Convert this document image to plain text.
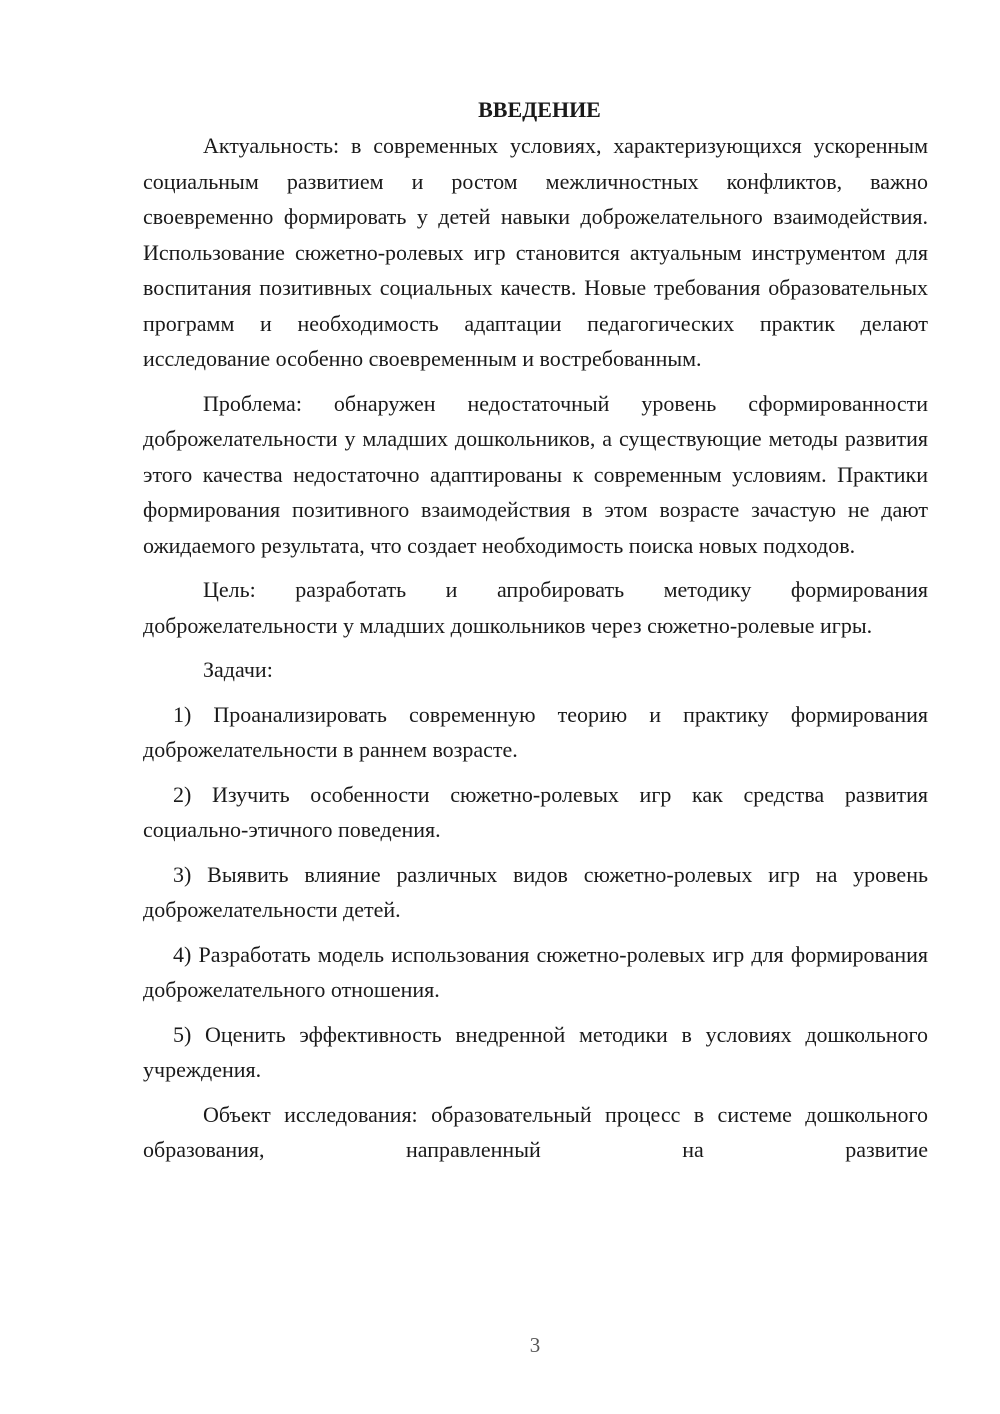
ВВЕДЕНИЕ

Актуальность: в современных условиях, характеризующихся ускоренным социальным развитием и ростом межличностных конфликтов, важно своевременно формировать у детей навыки доброжелательного взаимодействия. Использование сюжетно-ролевых игр становится актуальным инструментом для воспитания позитивных социальных качеств. Новые требования образовательных программ и необходимость адаптации педагогических практик делают исследование особенно своевременным и востребованным.

Проблема: обнаружен недостаточный уровень сформированности доброжелательности у младших дошкольников, а существующие методы развития этого качества недостаточно адаптированы к современным условиям. Практики формирования позитивного взаимодействия в этом возрасте зачастую не дают ожидаемого результата, что создает необходимость поиска новых подходов.

Цель: разработать и апробировать методику формирования доброжелательности у младших дошкольников через сюжетно-ролевые игры.

Задачи:

1) Проанализировать современную теорию и практику формирования доброжелательности в раннем возрасте.

2) Изучить особенности сюжетно-ролевых игр как средства развития социально-этичного поведения.

3) Выявить влияние различных видов сюжетно-ролевых игр на уровень доброжелательности детей.

4) Разработать модель использования сюжетно-ролевых игр для формирования доброжелательного отношения.

5) Оценить эффективность внедренной методики в условиях дошкольного учреждения.

Объект исследования: образовательный процесс в системе дошкольного образования, направленный на развитие

3
